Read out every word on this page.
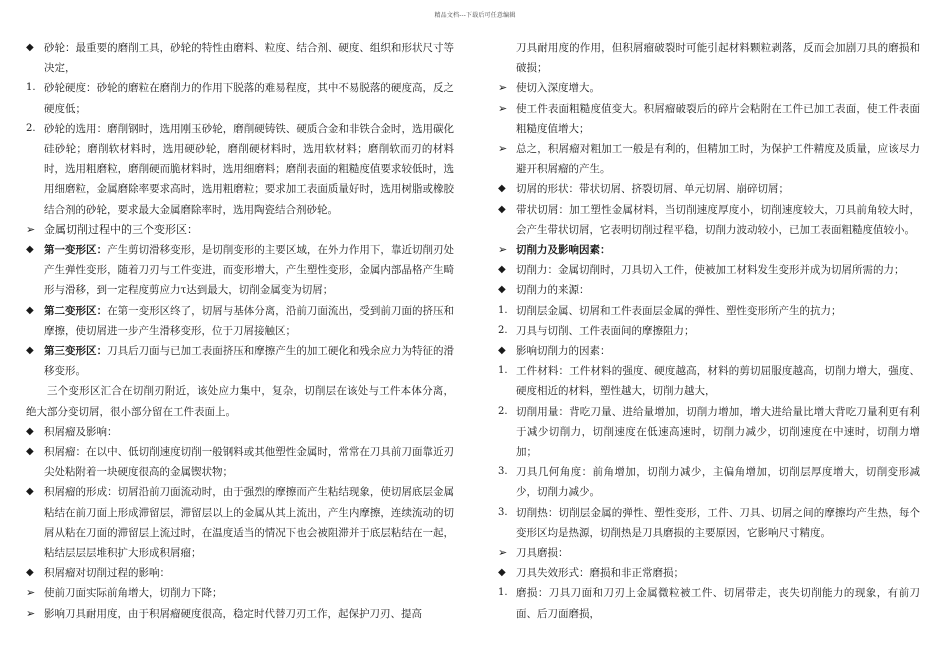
精品文档---下载后可任意编辑
◆ 砂轮：最重要的磨削工具，砂轮的特性由磨料、粒度、结合剂、硬度、组织和形状尺寸等决定，
1. 砂轮硬度：砂轮的磨粒在磨削力的作用下脱落的难易程度，其中不易脱落的硬度高，反之硬度低；
2. 砂轮的选用：磨削钢时，选用刚玉砂轮，磨削硬铸铁、硬质合金和非铁合金时，选用碳化硅砂轮；磨削软材料时，选用硬砂轮，磨削硬材料时，选用软材料；磨削软而刃的材料时，选用粗磨粒，磨削硬而脆材料时，选用细磨料；磨削表面的粗糙度值要求较低时，选用细磨粒，金属磨除率要求高时，选用粗磨粒；要求加工表面质量好时，选用树脂或橡胶结合剂的砂轮，要求最大金属磨除率时，选用陶瓷结合剂砂轮。
➢ 金属切削过程中的三个变形区：
◆ 第一变形区：产生剪切滑移变形，是切削变形的主要区域，在外力作用下，靠近切削刃处产生弹性变形，随着刀刃与工件变进，而变形增大，产生塑性变形，金属内部晶格产生畸形与滑移，到一定程度剪应力τ达到最大，切削金属变为切屑；
◆ 第二变形区：在第一变形区终了，切屑与基体分离，沿前刀面流出，受到前刀面的挤压和摩擦，使切屑进一步产生滑移变形，位于刀屑接触区；
◆ 第三变形区：刀具后刀面与已加工表面挤压和摩擦产生的加工硬化和残余应力为特征的滑移变形。
三个变形区汇合在切削刃附近，该处应力集中，复杂，切削层在该处与工件本体分离，绝大部分变切屑，很小部分留在工件表面上。
◆ 积屑瘤及影响：
◆ 积屑瘤：在以中、低切削速度切削一般钢料或其他塑性金属时，常常在刀具前刀面靠近刃尖处粘附着一块硬度很高的金属锲状物；
◆ 积屑瘤的形成：切屑沿前刀面流动时，由于强烈的摩擦而产生粘结现象，使切屑底层金属粘结在前刀面上形成滞留层，滞留层以上的金属从其上流出，产生内摩擦，连续流动的切屑从粘在刀面的滞留层上流过时，在温度适当的情况下也会被阻滞并于底层粘结在一起，粘结层层层堆积扩大形成积屑瘤；
◆ 积屑瘤对切削过程的影响：
➢ 使前刀面实际前角增大，切削力下降；
➢ 影响刀具耐用度，由于积屑瘤硬度很高，稳定时代替刀刃工作，起保护刀刃、提高
刀具耐用度的作用，但积屑瘤破裂时可能引起材料颗粒剥落，反而会加剧刀具的磨损和破损；
➢ 使切入深度增大。
➢ 使工件表面粗糙度值变大。积屑瘤破裂后的碎片会粘附在工件已加工表面，使工件表面粗糙度值增大；
➢ 总之，积屑瘤对粗加工一般是有利的，但精加工时，为保护工件精度及质量，应该尽力避开积屑瘤的产生。
◆ 切屑的形状：带状切屑、挤裂切屑、单元切屑、崩碎切屑；
◆ 带状切屑：加工塑性金属材料，当切削速度厚度小，切削速度较大，刀具前角较大时，会产生带状切屑，它表明切削过程平稳，切削力波动较小，已加工表面粗糙度值较小。
➢ 切削力及影响因素：
◆ 切削力：金属切削时，刀具切入工件，使被加工材料发生变形并成为切屑所需的力；
◆ 切削力的来源：
1. 切削层金属、切屑和工件表面层金属的弹性、塑性变形所产生的抗力；
2. 刀具与切削、工件表面间的摩擦阻力；
◆ 影响切削力的因素：
1. 工件材料：工件材料的强度、硬度越高，材料的剪切屈服度越高，切削力增大，强度、硬度相近的材料，塑性越大，切削力越大，
2. 切削用量：背吃刀量、进给量增加，切削力增加，增大进给量比增大背吃刀量利更有利于减少切削力，切削速度在低速高速时，切削力减少，切削速度在中速时，切削力增加；
3. 刀具几何角度：前角增加，切削力减少，主偏角增加，切削层厚度增大，切削变形减少，切削力减少。
3. 切削热：切削层金属的弹性、塑性变形，工件、刀具、切屑之间的摩擦均产生热，每个变形区均是热源，切削热是刀具磨损的主要原因，它影响尺寸精度。
➢ 刀具磨损：
◆ 刀具失效形式：磨损和非正常磨损；
1. 磨损：刀具刀面和刀刃上金属微粒被工件、切屑带走，丧失切削能力的现象，有前刀面、后刀面磨损，
